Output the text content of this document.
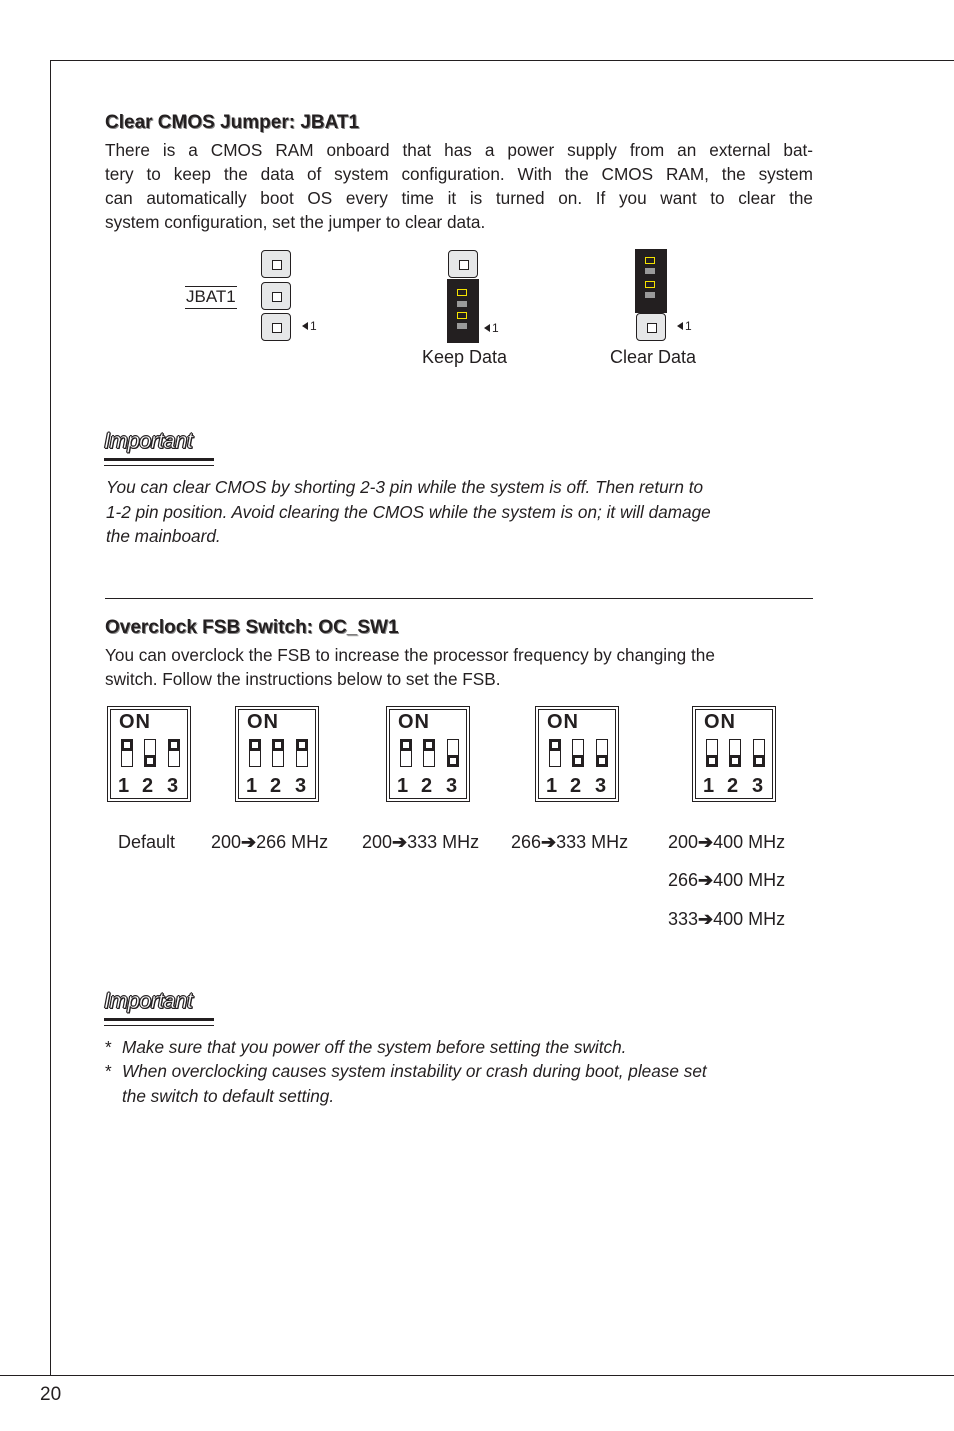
Clear CMOS Jumper: JBAT1
There is a CMOS RAM onboard that has a power supply from an external bat-
tery to keep the data of system configuration. With the CMOS RAM, the system
can automatically boot OS every time it is turned on. If you want to clear the
system configuration, set the jumper to clear data.
JBAT1
1	1
Keep Data
1
Clear Data
Important
You can clear CMOS by shorting 2-3 pin while the system is off. Then return to
1-2 pin position. Avoid clearing the CMOS while the system is on; it will damage
the mainboard.
Overclock FSB Switch: OC_SW1
You can overclock the FSB to increase the processor frequency by changing the
switch. Follow the instructions below to set the FSB.
ON
1 2 3
ON
1 2 3
ON
1 2 3
ON
1 2 3
ON
1 2 3
Default 200➔266 MHz 200➔333 MHz 266➔333 MHz 200➔400 MHz
266➔400 MHz
333➔400 MHz
Important
* Make sure that you power off the system before setting the switch.
* When overclocking causes system instability or crash during boot, please set
the switch to default setting.
20
